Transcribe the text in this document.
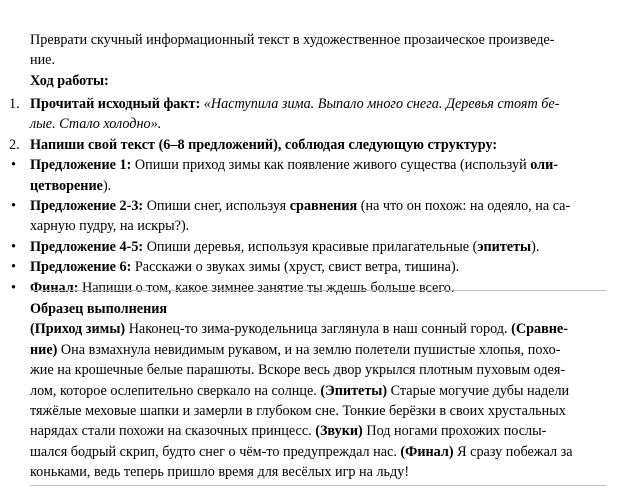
Преврати скучный информационный текст в художественное прозаическое произведе-
ние.
Ход работы:
1. Прочитай исходный факт: «Наступила зима. Выпало много снега. Деревья стоят бе-
лые. Стало холодно».
2. Напиши свой текст (6–8 предложений), соблюдая следующую структуру:
• Предложение 1: Опиши приход зимы как появление живого существа (используй оли-
цетворение).
• Предложение 2-3: Опиши снег, используя сравнения (на что он похож: на одеяло, на са-
харную пудру, на искры?).
• Предложение 4-5: Опиши деревья, используя красивые прилагательные (эпитеты).
• Предложение 6: Расскажи о звуках зимы (хруст, свист ветра, тишина).
• Финал: Напиши о том, какое зимнее занятие ты ждешь больше всего.
Образец выполнения
(Приход зимы) Наконец-то зима-рукодельница заглянула в наш сонный город. (Сравне-
ние) Она взмахнула невидимым рукавом, и на землю полетели пушистые хлопья, похо-
жие на крошечные белые парашюты. Вскоре весь двор укрылся плотным пуховым одея-
лом, которое ослепительно сверкало на солнце. (Эпитеты) Старые могучие дубы надели
тяжёлые меховые шапки и замерли в глубоком сне. Тонкие берёзки в своих хрустальных
нарядах стали похожи на сказочных принцесс. (Звуки) Под ногами прохожих послы-
шался бодрый скрип, будто снег о чём-то предупреждал нас. (Финал) Я сразу побежал за
коньками, ведь теперь пришло время для весёлых игр на льду!
